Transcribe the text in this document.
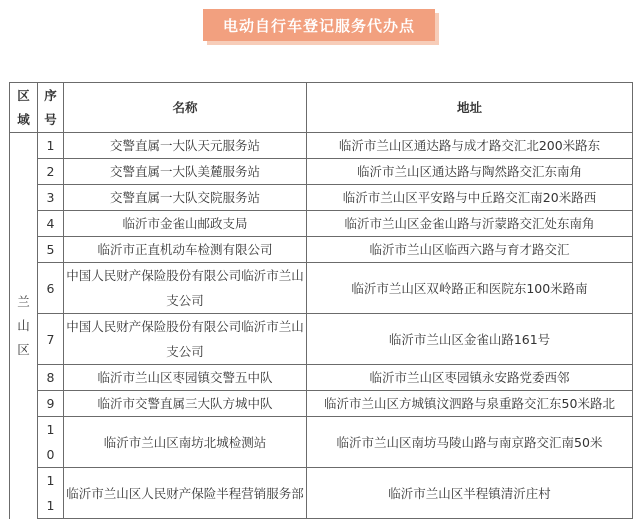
电动自行车登记服务代办点
区域	序号	名称	地址
兰山区	1	交警直属一大队天元服务站	临沂市兰山区通达路与成才路交汇北200米路东
	2	交警直属一大队美麓服务站	临沂市兰山区通达路与陶然路交汇东南角
	3	交警直属一大队交院服务站	临沂市兰山区平安路与中丘路交汇南20米路西
	4	临沂市金雀山邮政支局	临沂市兰山区金雀山路与沂蒙路交汇处东南角
	5	临沂市正直机动车检测有限公司	临沂市兰山区临西六路与育才路交汇
	6	中国人民财产保险股份有限公司临沂市兰山支公司	临沂市兰山区双岭路正和医院东100米路南
	7	中国人民财产保险股份有限公司临沂市兰山支公司	临沂市兰山区金雀山路161号
	8	临沂市兰山区枣园镇交警五中队	临沂市兰山区枣园镇永安路党委西邻
	9	临沂市交警直属三大队方城中队	临沂市兰山区方城镇汶泗路与泉重路交汇东50米路北
	10	临沂市兰山区南坊北城检测站	临沂市兰山区南坊马陵山路与南京路交汇南50米
	11	临沂市兰山区人民财产保险半程营销服务部	临沂市兰山区半程镇清沂庄村
